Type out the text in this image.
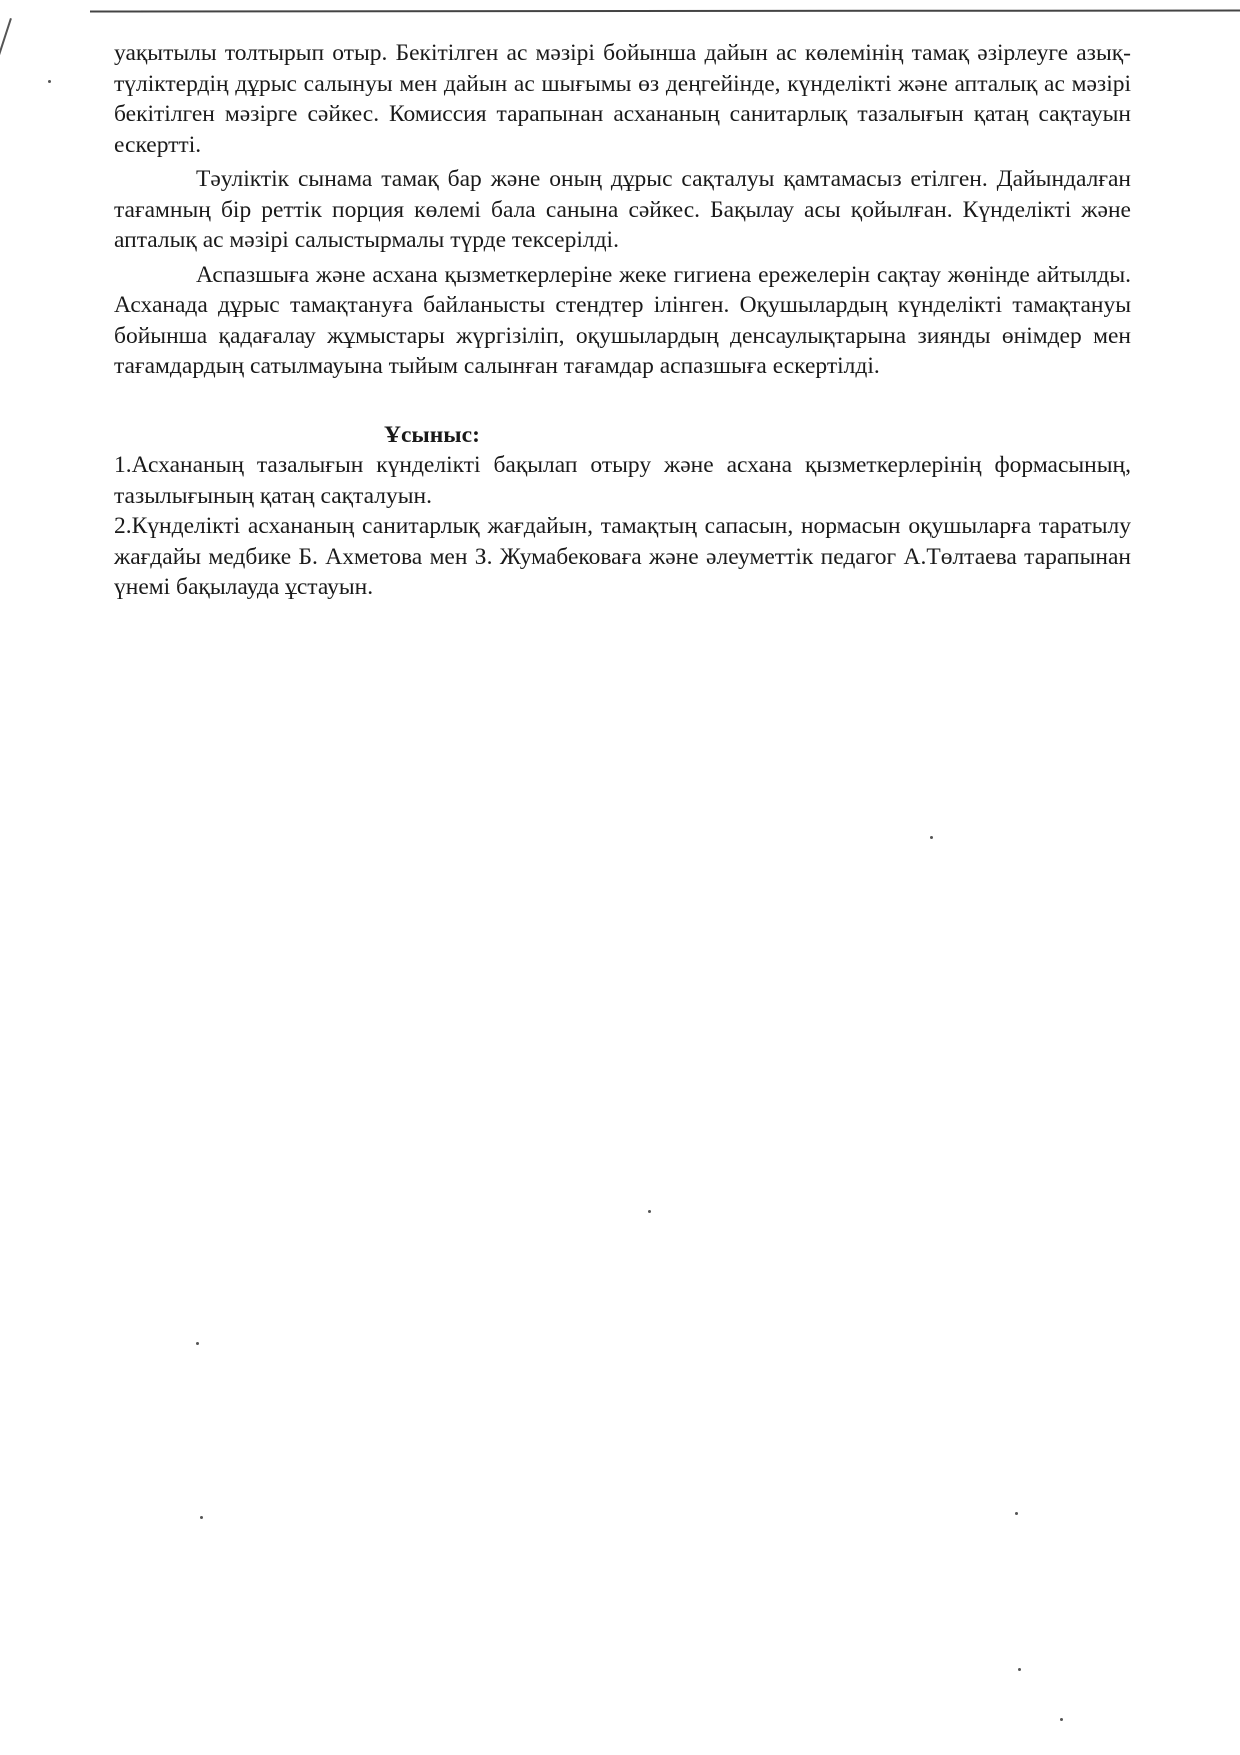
уақытылы толтырып отыр. Бекітілген ас мәзірі бойынша дайын ас көлемінің тамақ әзірлеуге азық-түліктердің дұрыс салынуы мен дайын ас шығымы өз деңгейінде, күнделікті және апталық ас мәзірі бекітілген мәзірге сәйкес. Комиссия тарапынан асхананың санитарлық тазалығын қатаң сақтауын ескертті.

Тәуліктік сынама тамақ бар және оның дұрыс сақталуы қамтамасыз етілген. Дайындалған тағамның бір реттік порция көлемі бала санына сәйкес. Бақылау асы қойылған. Күнделікті және апталық ас мәзірі салыстырмалы түрде тексерілді.

Аспазшыға және асхана қызметкерлеріне жеке гигиена ережелерін сақтау жөнінде айтылды. Асханада дұрыс тамақтануға байланысты стендтер ілінген. Оқушылардың күнделікті тамақтануы бойынша қадағалау жұмыстары жүргізіліп, оқушылардың денсаулықтарына зиянды өнімдер мен тағамдардың сатылмауына тыйым салынған тағамдар аспазшыға ескертілді.

Ұсыныс:

1.Асхананың тазалығын күнделікті бақылап отыру және асхана қызметкерлерінің формасының, тазылығының қатаң сақталуын.

2.Күнделікті асхананың санитарлық жағдайын, тамақтың сапасын, нормасын оқушыларға таратылу жағдайы медбике Б. Ахметова мен З. Жумабековаға және әлеуметтік педагог А.Төлтаева тарапынан үнемі бақылауда ұстауын.
